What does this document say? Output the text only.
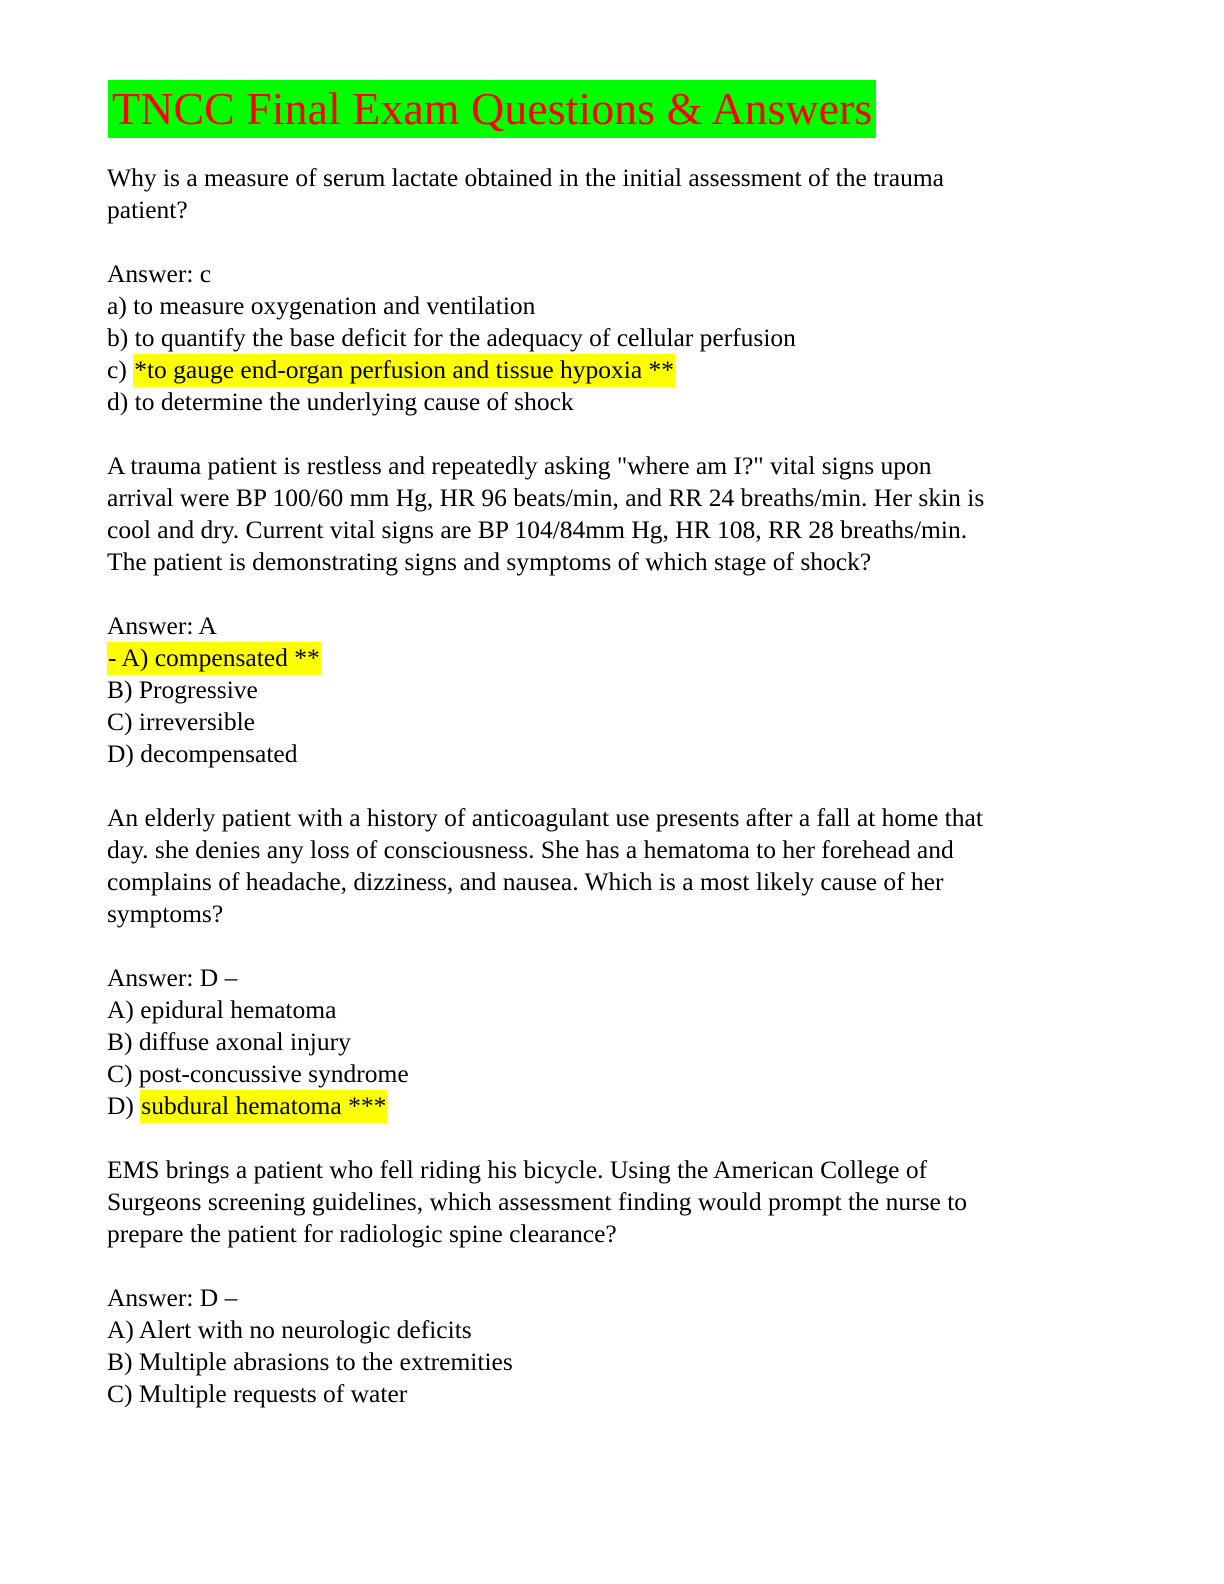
TNCC Final Exam Questions & Answers
Why is a measure of serum lactate obtained in the initial assessment of the trauma
patient?
Answer: c
a) to measure oxygenation and ventilation
b) to quantify the base deficit for the adequacy of cellular perfusion
c) *to gauge end-organ perfusion and tissue hypoxia **
d) to determine the underlying cause of shock
A trauma patient is restless and repeatedly asking "where am I?" vital signs upon
arrival were BP 100/60 mm Hg, HR 96 beats/min, and RR 24 breaths/min. Her skin is
cool and dry. Current vital signs are BP 104/84mm Hg, HR 108, RR 28 breaths/min.
The patient is demonstrating signs and symptoms of which stage of shock?
Answer: A
- A) compensated **
B) Progressive
C) irreversible
D) decompensated
An elderly patient with a history of anticoagulant use presents after a fall at home that
day. she denies any loss of consciousness. She has a hematoma to her forehead and
complains of headache, dizziness, and nausea. Which is a most likely cause of her
symptoms?
Answer: D –
A) epidural hematoma
B) diffuse axonal injury
C) post-concussive syndrome
D) subdural hematoma ***
EMS brings a patient who fell riding his bicycle. Using the American College of
Surgeons screening guidelines, which assessment finding would prompt the nurse to
prepare the patient for radiologic spine clearance?
Answer: D –
A) Alert with no neurologic deficits
B) Multiple abrasions to the extremities
C) Multiple requests of water
